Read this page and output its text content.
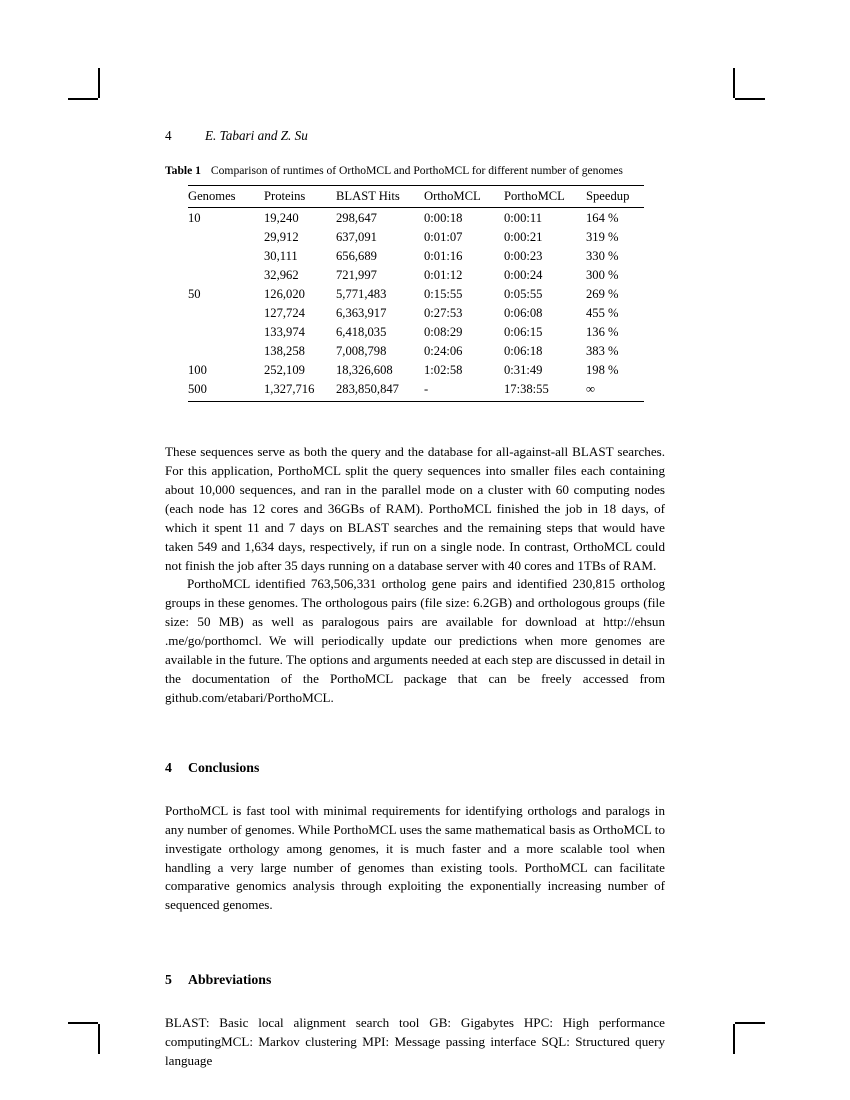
4	E. Tabari and Z. Su
Table 1 Comparison of runtimes of OrthoMCL and PorthoMCL for different number of genomes
Genomes	Proteins	BLAST Hits	OrthoMCL	PorthoMCL	Speedup
10	19,240	298,647	0:00:18	0:00:11	164 %
	29,912	637,091	0:01:07	0:00:21	319 %
	30,111	656,689	0:01:16	0:00:23	330 %
	32,962	721,997	0:01:12	0:00:24	300 %
50	126,020	5,771,483	0:15:55	0:05:55	269 %
	127,724	6,363,917	0:27:53	0:06:08	455 %
	133,974	6,418,035	0:08:29	0:06:15	136 %
	138,258	7,008,798	0:24:06	0:06:18	383 %
100	252,109	18,326,608	1:02:58	0:31:49	198 %
500	1,327,716	283,850,847	-	17:38:55	∞

These sequences serve as both the query and the database for all-against-all BLAST searches. For this application, PorthoMCL split the query sequences into smaller files each containing about 10,000 sequences, and ran in the parallel mode on a cluster with 60 computing nodes (each node has 12 cores and 36GBs of RAM). PorthoMCL finished the job in 18 days, of which it spent 11 and 7 days on BLAST searches and the remaining steps that would have taken 549 and 1,634 days, respectively, if run on a single node. In contrast, OrthoMCL could not finish the job after 35 days running on a database server with 40 cores and 1TBs of RAM.

PorthoMCL identified 763,506,331 ortholog gene pairs and identified 230,815 ortholog groups in these genomes. The orthologous pairs (file size: 6.2GB) and orthologous groups (file size: 50 MB) as well as paralogous pairs are available for download at http://ehsun .me/go/porthomcl. We will periodically update our predictions when more genomes are available in the future. The options and arguments needed at each step are discussed in detail in the documentation of the PorthoMCL package that can be freely accessed from github.com/etabari/PorthoMCL.

4	Conclusions

PorthoMCL is fast tool with minimal requirements for identifying orthologs and paralogs in any number of genomes. While PorthoMCL uses the same mathematical basis as OrthoMCL to investigate orthology among genomes, it is much faster and a more scalable tool when handling a very large number of genomes than existing tools. PorthoMCL can facilitate comparative genomics analysis through exploiting the exponentially increasing number of sequenced genomes.

5	Abbreviations

BLAST: Basic local alignment search tool GB: Gigabytes HPC: High performance computingMCL: Markov clustering MPI: Message passing interface SQL: Structured query language
